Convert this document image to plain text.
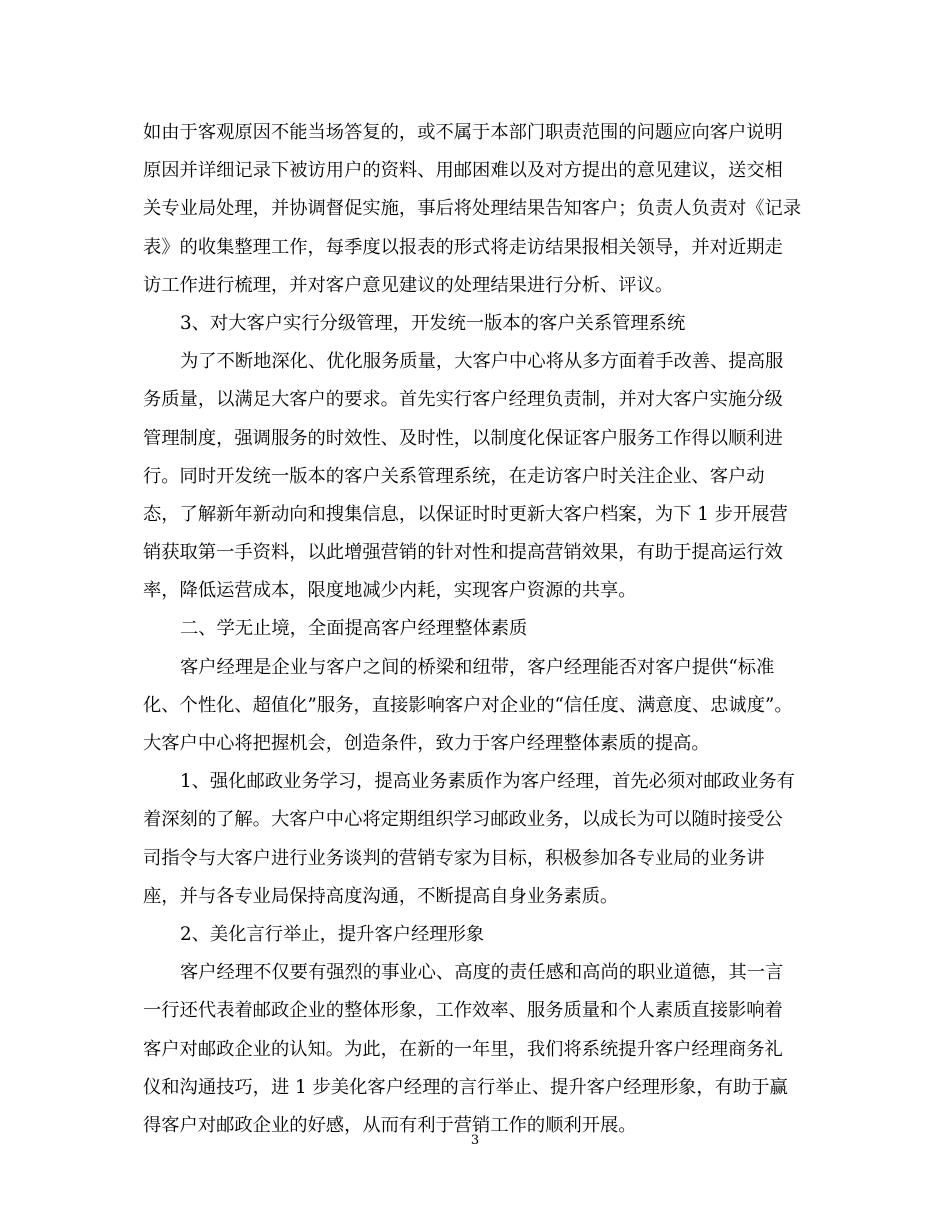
如由于客观原因不能当场答复的，或不属于本部门职责范围的问题应向客户说明
原因并详细记录下被访用户的资料、用邮困难以及对方提出的意见建议，送交相
关专业局处理，并协调督促实施，事后将处理结果告知客户；负责人负责对《记录
表》的收集整理工作，每季度以报表的形式将走访结果报相关领导，并对近期走
访工作进行梳理，并对客户意见建议的处理结果进行分析、评议。
3、对大客户实行分级管理，开发统一版本的客户关系管理系统
为了不断地深化、优化服务质量，大客户中心将从多方面着手改善、提高服
务质量，以满足大客户的要求。首先实行客户经理负责制，并对大客户实施分级
管理制度，强调服务的时效性、及时性，以制度化保证客户服务工作得以顺利进
行。同时开发统一版本的客户关系管理系统，在走访客户时关注企业、客户动
态，了解新年新动向和搜集信息，以保证时时更新大客户档案，为下 1 步开展营
销获取第一手资料，以此增强营销的针对性和提高营销效果，有助于提高运行效
率，降低运营成本，限度地减少内耗，实现客户资源的共享。
二、学无止境，全面提高客户经理整体素质
客户经理是企业与客户之间的桥梁和纽带，客户经理能否对客户提供“标准
化、个性化、超值化”服务，直接影响客户对企业的“信任度、满意度、忠诚度”。
大客户中心将把握机会，创造条件，致力于客户经理整体素质的提高。
1、强化邮政业务学习，提高业务素质作为客户经理，首先必须对邮政业务有
着深刻的了解。大客户中心将定期组织学习邮政业务，以成长为可以随时接受公
司指令与大客户进行业务谈判的营销专家为目标，积极参加各专业局的业务讲
座，并与各专业局保持高度沟通，不断提高自身业务素质。
2、美化言行举止，提升客户经理形象
客户经理不仅要有强烈的事业心、高度的责任感和高尚的职业道德，其一言
一行还代表着邮政企业的整体形象，工作效率、服务质量和个人素质直接影响着
客户对邮政企业的认知。为此，在新的一年里，我们将系统提升客户经理商务礼
仪和沟通技巧，进 1 步美化客户经理的言行举止、提升客户经理形象，有助于赢
得客户对邮政企业的好感，从而有利于营销工作的顺利开展。
3
